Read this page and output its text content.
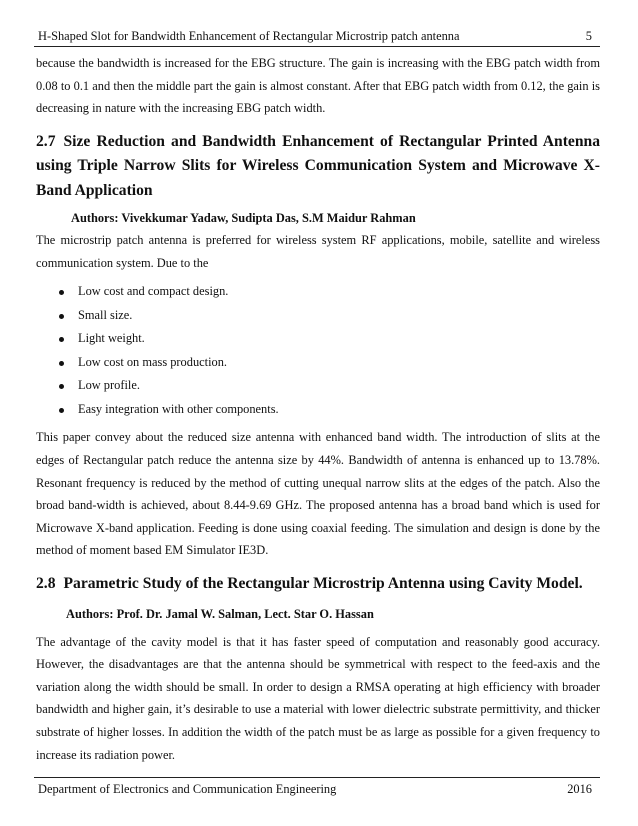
H-Shaped Slot for Bandwidth Enhancement of Rectangular Microstrip patch antenna	5

because the bandwidth is increased for the EBG structure. The gain is increasing with the EBG patch width from 0.08 to 0.1 and then the middle part the gain is almost constant. After that EBG patch width from 0.12, the gain is decreasing in nature with the increasing EBG patch width.

2.7 Size Reduction and Bandwidth Enhancement of Rectangular Printed Antenna using Triple Narrow Slits for Wireless Communication System and Microwave X-Band Application
Authors: Vivekkumar Yadaw, Sudipta Das, S.M Maidur Rahman

The microstrip patch antenna is preferred for wireless system RF applications, mobile, satellite and wireless communication system. Due to the

Low cost and compact design.
Small size.
Light weight.
Low cost on mass production.
Low profile.
Easy integration with other components.

This paper convey about the reduced size antenna with enhanced band width. The introduction of slits at the edges of Rectangular patch reduce the antenna size by 44%. Bandwidth of antenna is enhanced up to 13.78%. Resonant frequency is reduced by the method of cutting unequal narrow slits at the edges of the patch. Also the broad band-width is achieved, about 8.44-9.69 GHz. The proposed antenna has a broad band which is used for Microwave X-band application. Feeding is done using coaxial feeding. The simulation and design is done by the method of moment based EM Simulator IE3D.

2.8 Parametric Study of the Rectangular Microstrip Antenna using Cavity Model.
Authors: Prof. Dr. Jamal W. Salman, Lect. Star O. Hassan

The advantage of the cavity model is that it has faster speed of computation and reasonably good accuracy. However, the disadvantages are that the antenna should be symmetrical with respect to the feed-axis and the variation along the width should be small. In order to design a RMSA operating at high efficiency with broader bandwidth and higher gain, it’s desirable to use a material with lower dielectric substrate permittivity, and thicker substrate of higher losses. In addition the width of the patch must be as large as possible for a given frequency to increase its radiation power.

Department of Electronics and Communication Engineering	2016
